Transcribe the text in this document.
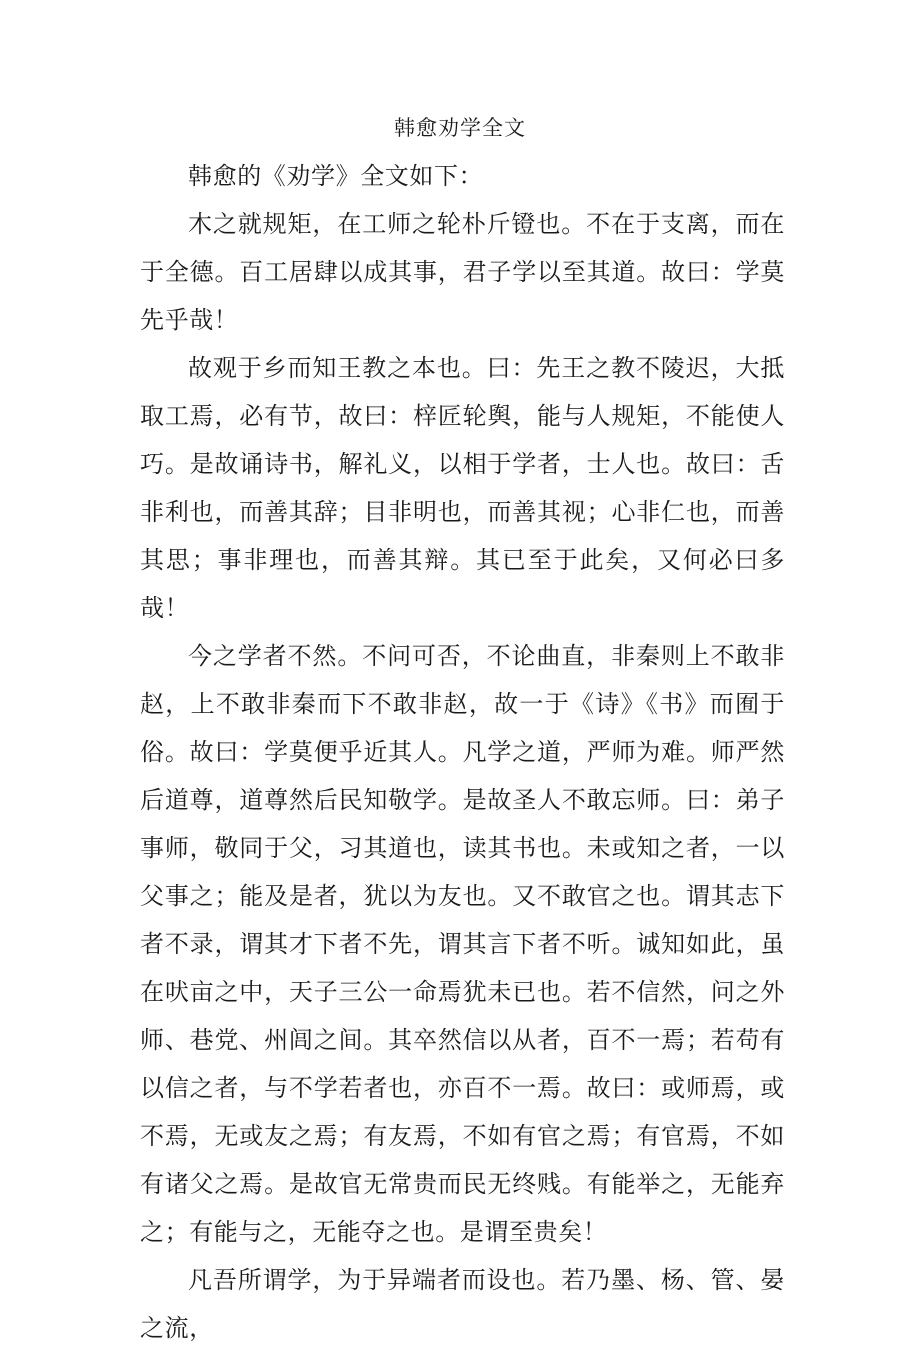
韩愈劝学全文

韩愈的《劝学》全文如下：

木之就规矩，在工师之轮朴斤镫也。不在于支离，而在于全德。百工居肆以成其事，君子学以至其道。故曰：学莫先乎哉！

故观于乡而知王教之本也。曰：先王之教不陵迟，大抵取工焉，必有节，故曰：梓匠轮舆，能与人规矩，不能使人巧。是故诵诗书，解礼义，以相于学者，士人也。故曰：舌非利也，而善其辞；目非明也，而善其视；心非仁也，而善其思；事非理也，而善其辩。其已至于此矣，又何必曰多哉！

今之学者不然。不问可否，不论曲直，非秦则上不敢非赵，上不敢非秦而下不敢非赵，故一于《诗》《书》而囿于俗。故曰：学莫便乎近其人。凡学之道，严师为难。师严然后道尊，道尊然后民知敬学。是故圣人不敢忘师。曰：弟子事师，敬同于父，习其道也，读其书也。未或知之者，一以父事之；能及是者，犹以为友也。又不敢官之也。谓其志下者不录，谓其才下者不先，谓其言下者不听。诚知如此，虽在吠亩之中，天子三公一命焉犹未已也。若不信然，问之外师、巷党、州闾之间。其卒然信以从者，百不一焉；若苟有以信之者，与不学若者也，亦百不一焉。故曰：或师焉，或不焉，无或友之焉；有友焉，不如有官之焉；有官焉，不如有诸父之焉。是故官无常贵而民无终贱。有能举之，无能弃之；有能与之，无能夺之也。是谓至贵矣！

凡吾所谓学，为于异端者而设也。若乃墨、杨、管、晏之流，
